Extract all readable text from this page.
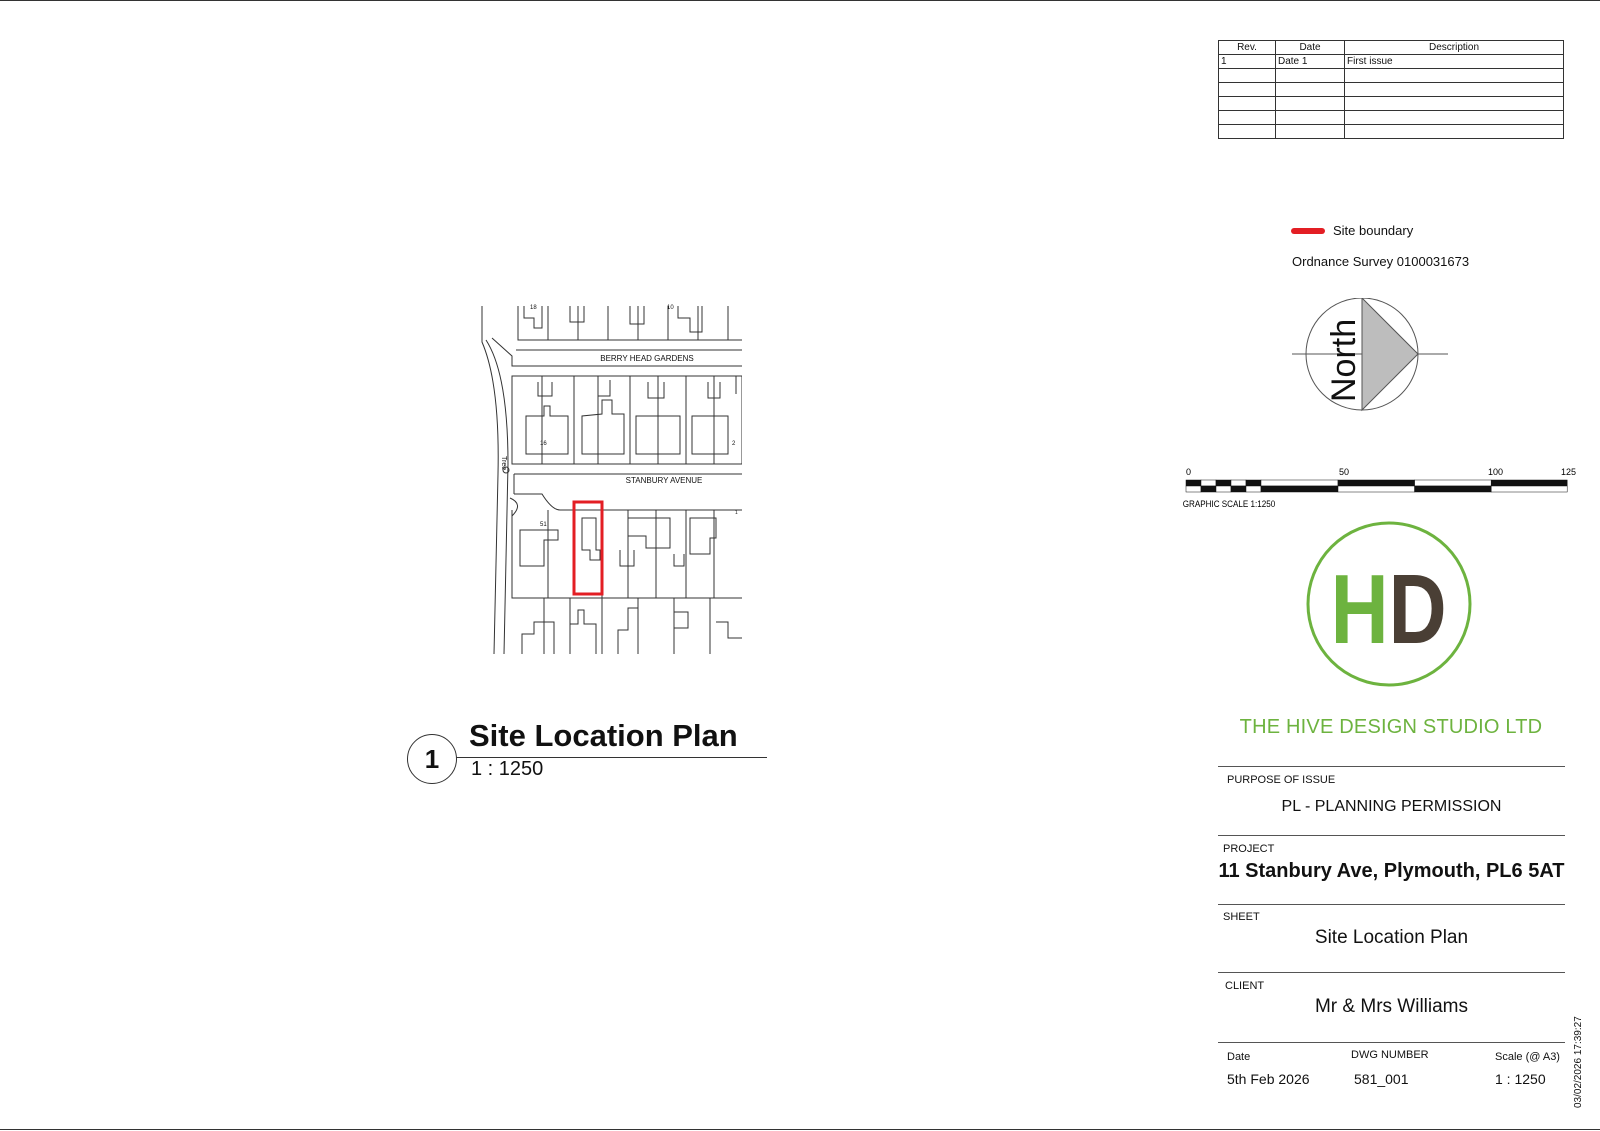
Rev.	Date	Description
1	Date 1	First issue

Site boundary
Ordnance Survey 0100031673
North
0	50	100	125
GRAPHIC SCALE 1:1250
H D
THE HIVE DESIGN STUDIO LTD
PURPOSE OF ISSUE
PL - PLANNING PERMISSION
PROJECT
11 Stanbury Ave, Plymouth, PL6 5AT
SHEET
Site Location Plan
CLIENT
Mr & Mrs Williams
Date	DWG NUMBER	Scale (@ A3)
5th Feb 2026	581_001	1 : 1250
BERRY HEAD GARDENS
STANBURY AVENUE
Tree
18	10
16	2
51
1
1
Site Location Plan
1 : 1250
03/02/2026 17:39:27
